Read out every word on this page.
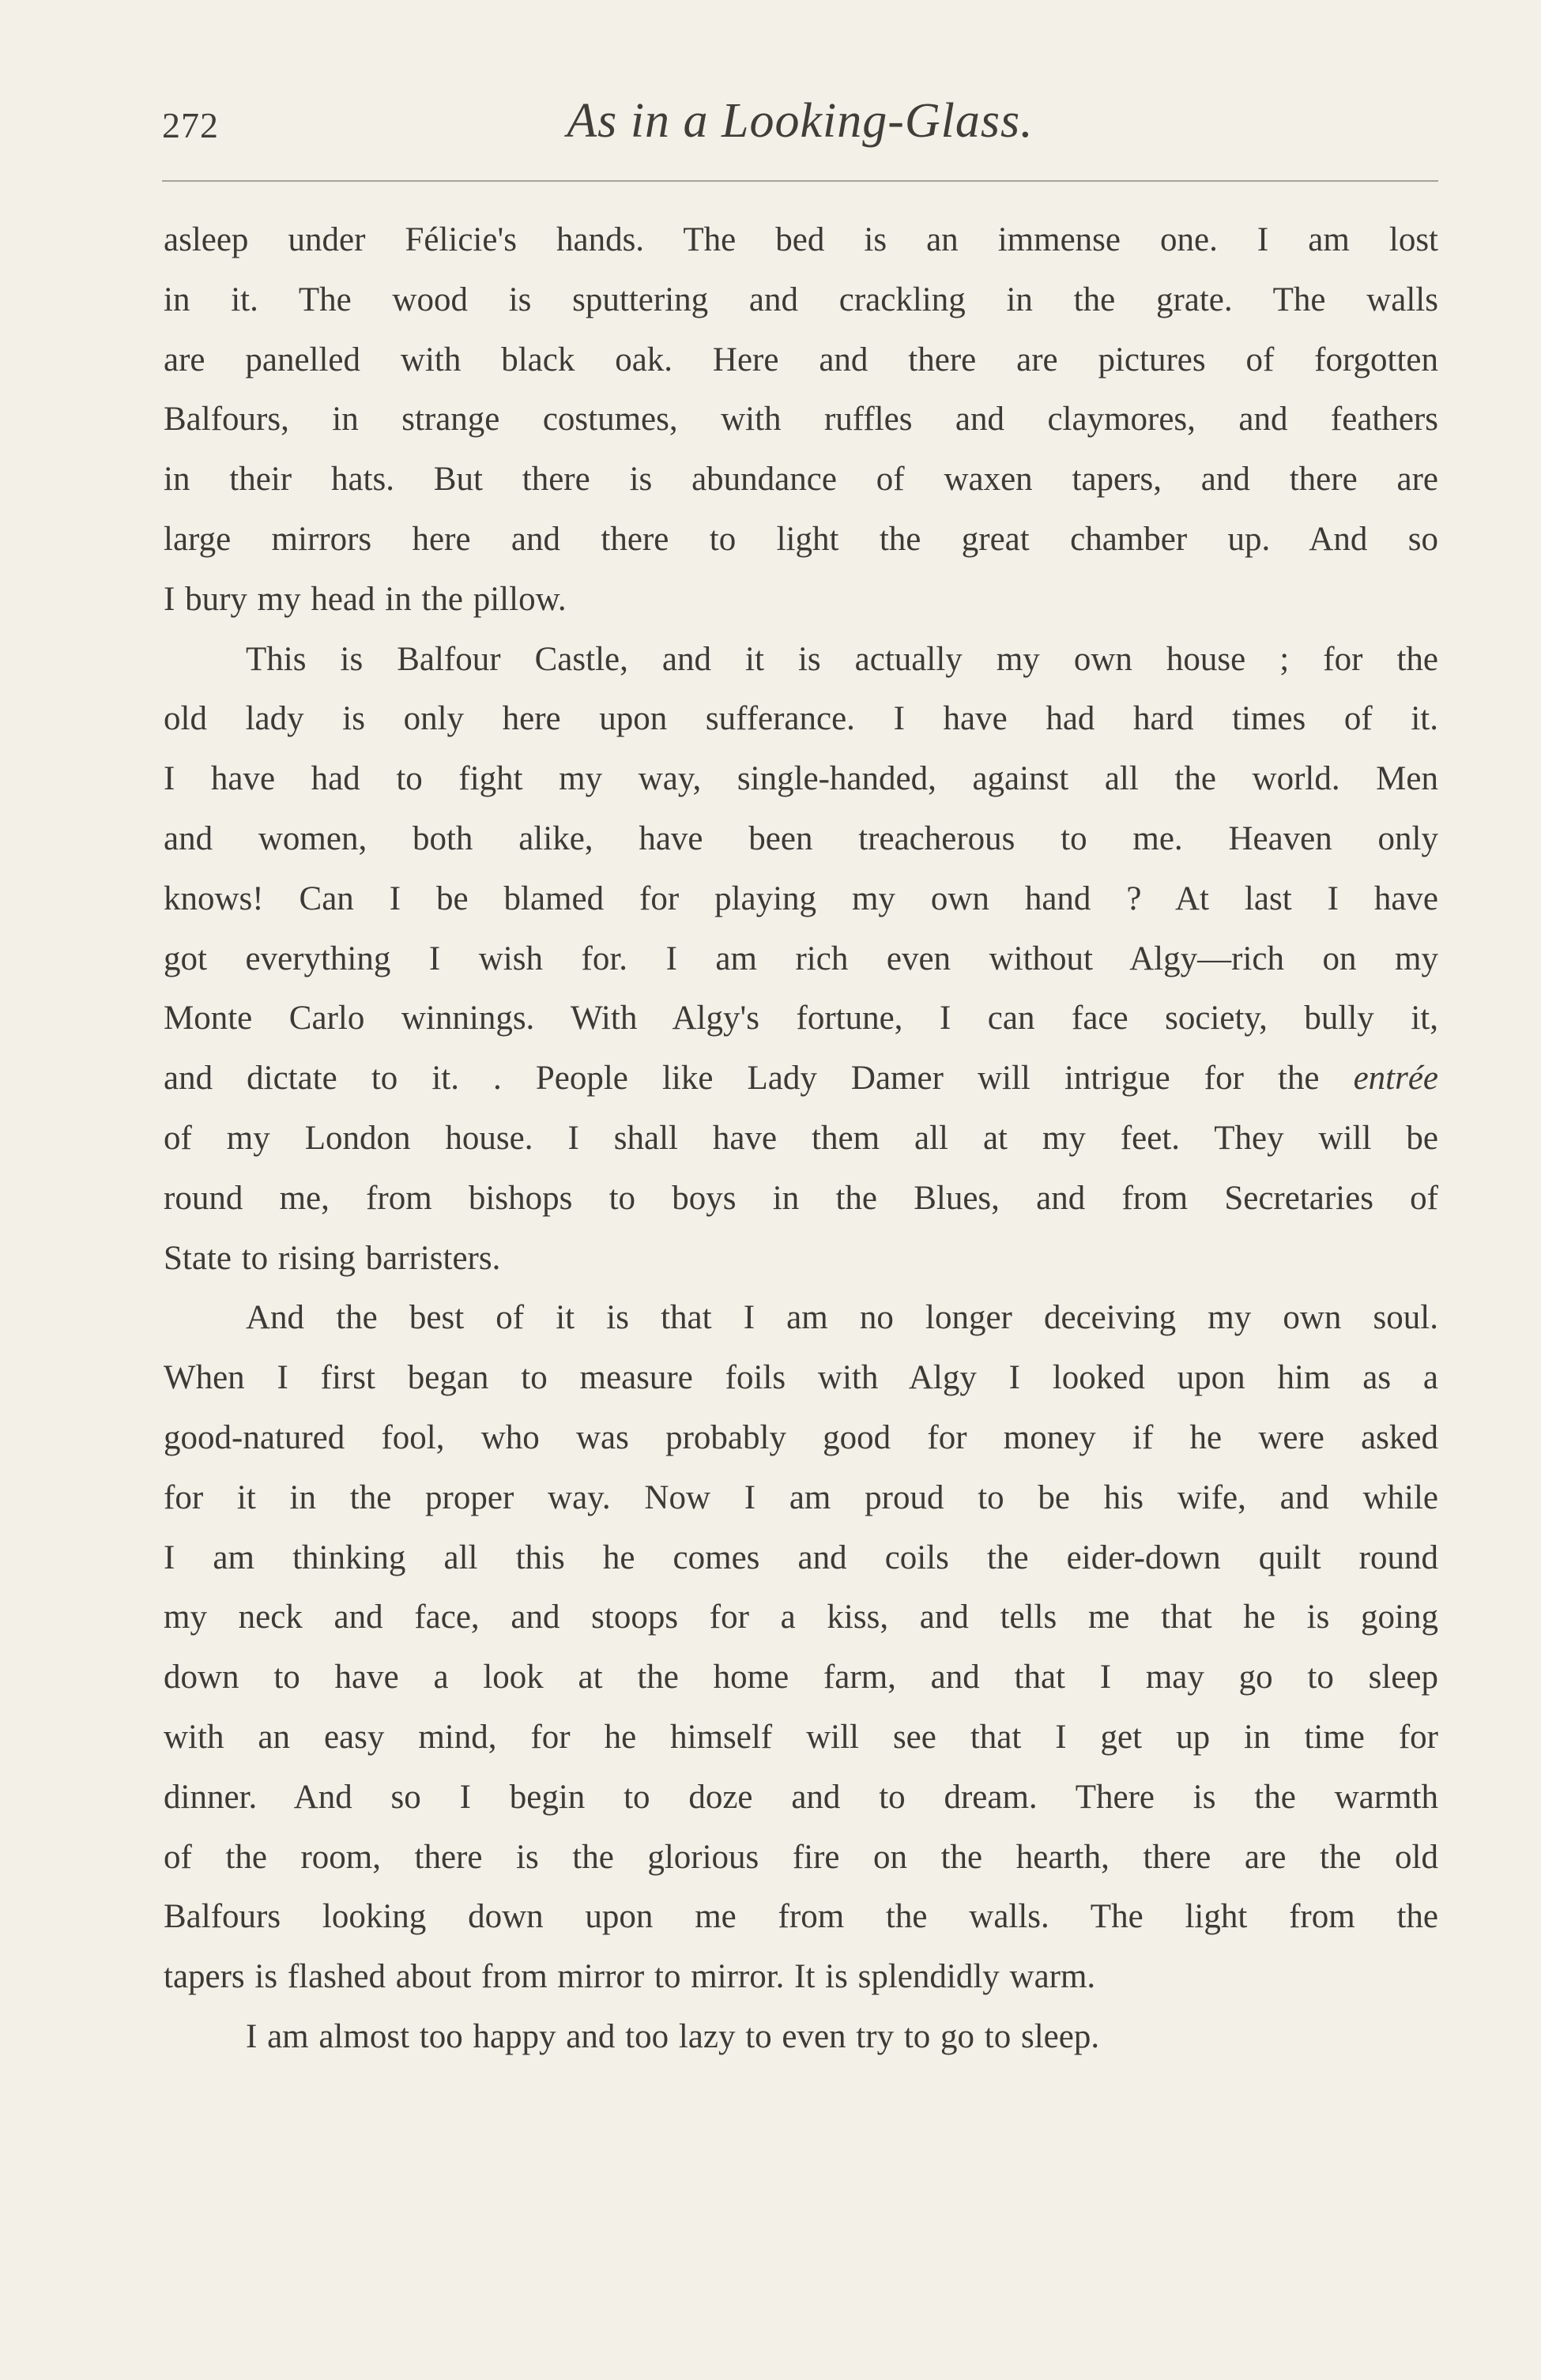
272	As in a Looking-Glass.

asleep under Félicie's hands. The bed is an immense one. I am lost

in it. The wood is sputtering and crackling in the grate. The walls

are panelled with black oak. Here and there are pictures of forgotten

Balfours, in strange costumes, with ruffles and claymores, and feathers

in their hats. But there is abundance of waxen tapers, and there are

large mirrors here and there to light the great chamber up. And so

I bury my head in the pillow.

This is Balfour Castle, and it is actually my own house ; for the

old lady is only here upon sufferance. I have had hard times of it.

I have had to fight my way, single-handed, against all the world. Men

and women, both alike, have been treacherous to me. Heaven only

knows! Can I be blamed for playing my own hand ? At last I have

got everything I wish for. I am rich even without Algy—rich on my

Monte Carlo winnings. With Algy's fortune, I can face society, bully it,

and dictate to it. . People like Lady Damer will intrigue for the entrée

of my London house. I shall have them all at my feet. They will be

round me, from bishops to boys in the Blues, and from Secretaries of

State to rising barristers.

And the best of it is that I am no longer deceiving my own soul.

When I first began to measure foils with Algy I looked upon him as a

good-natured fool, who was probably good for money if he were asked

for it in the proper way. Now I am proud to be his wife, and while

I am thinking all this he comes and coils the eider-down quilt round

my neck and face, and stoops for a kiss, and tells me that he is going

down to have a look at the home farm, and that I may go to sleep

with an easy mind, for he himself will see that I get up in time for

dinner. And so I begin to doze and to dream. There is the warmth

of the room, there is the glorious fire on the hearth, there are the old

Balfours looking down upon me from the walls. The light from the

tapers is flashed about from mirror to mirror. It is splendidly warm.

I am almost too happy and too lazy to even try to go to sleep.
